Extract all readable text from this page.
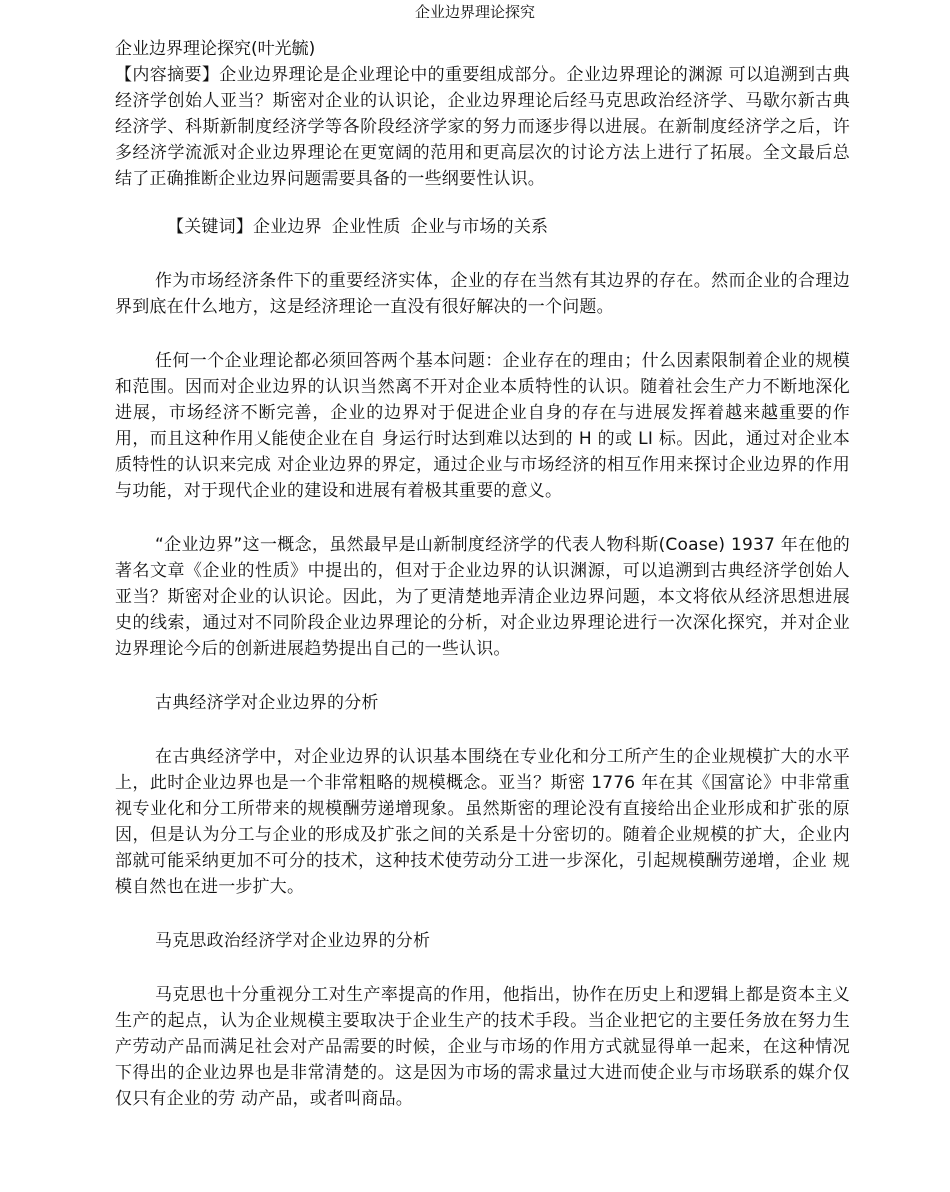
企业边界理论探究
企业边界理论探究(叶光毓)

【内容摘要】企业边界理论是企业理论中的重要组成部分。企业边界理论的渊源 可以追溯到古典经济学创始人亚当？斯密对企业的认识论，企业边界理论后经马克思政治经济学、马歇尔新古典经济学、科斯新制度经济学等各阶段经济学家的努力而逐步得以进展。在新制度经济学之后，许多经济学流派对企业边界理论在更宽阔的范用和更高层次的讨论方法上进行了拓展。全文最后总结了正确推断企业边界问题需要具备的一些纲要性认识。

【关键词】企业边界 企业性质 企业与市场的关系

作为市场经济条件下的重要经济实体，企业的存在当然有其边界的存在。然而企业的合理边界到底在什么地方，这是经济理论一直没有很好解决的一个问题。

任何一个企业理论都必须回答两个基本问题：企业存在的理由；什么因素限制着企业的规模和范围。因而对企业边界的认识当然离不开对企业本质特性的认识。随着社会生产力不断地深化进展，市场经济不断完善，企业的边界对于促进企业自身的存在与进展发挥着越来越重要的作用，而且这种作用乂能使企业在自 身运行时达到难以达到的 H 的或 LI 标。因此，通过对企业本质特性的认识来完成 对企业边界的界定，通过企业与市场经济的相互作用来探讨企业边界的作用与功能，对于现代企业的建设和进展有着极其重要的意义。

“企业边界”这一概念，虽然最早是山新制度经济学的代表人物科斯(Coase) 1937 年在他的著名文章《企业的性质》中提出的，但对于企业边界的认识渊源，可以追溯到古典经济学创始人亚当？斯密对企业的认识论。因此，为了更清楚地弄清企业边界问题，本文将依从经济思想进展史的线索，通过对不同阶段企业边界理论的分析，对企业边界理论进行一次深化探究，并对企业边界理论今后的创新进展趋势提出自己的一些认识。

古典经济学对企业边界的分析

在古典经济学中，对企业边界的认识基本围绕在专业化和分工所产生的企业规模扩大的水平上，此时企业边界也是一个非常粗略的规模概念。亚当？斯密 1776 年在其《国富论》中非常重视专业化和分工所带来的规模酬劳递增现象。虽然斯密的理论没有直接给出企业形成和扩张的原因，但是认为分工与企业的形成及扩张之间的关系是十分密切的。随着企业规模的扩大，企业内部就可能采纳更加不可分的技术，这种技术使劳动分工进一步深化，引起规模酬劳递增，企业 规模自然也在进一步扩大。

马克思政治经济学对企业边界的分析

马克思也十分重视分工对生产率提高的作用，他指出，协作在历史上和逻辑上都是资本主义生产的起点，认为企业规模主要取决于企业生产的技术手段。当企业把它的主要任务放在努力生产劳动产品而满足社会对产品需要的时候，企业与市场的作用方式就显得单一起来，在这种情况下得出的企业边界也是非常清楚的。这是因为市场的需求量过大进而使企业与市场联系的媒介仅仅只有企业的劳 动产品，或者叫商品。
